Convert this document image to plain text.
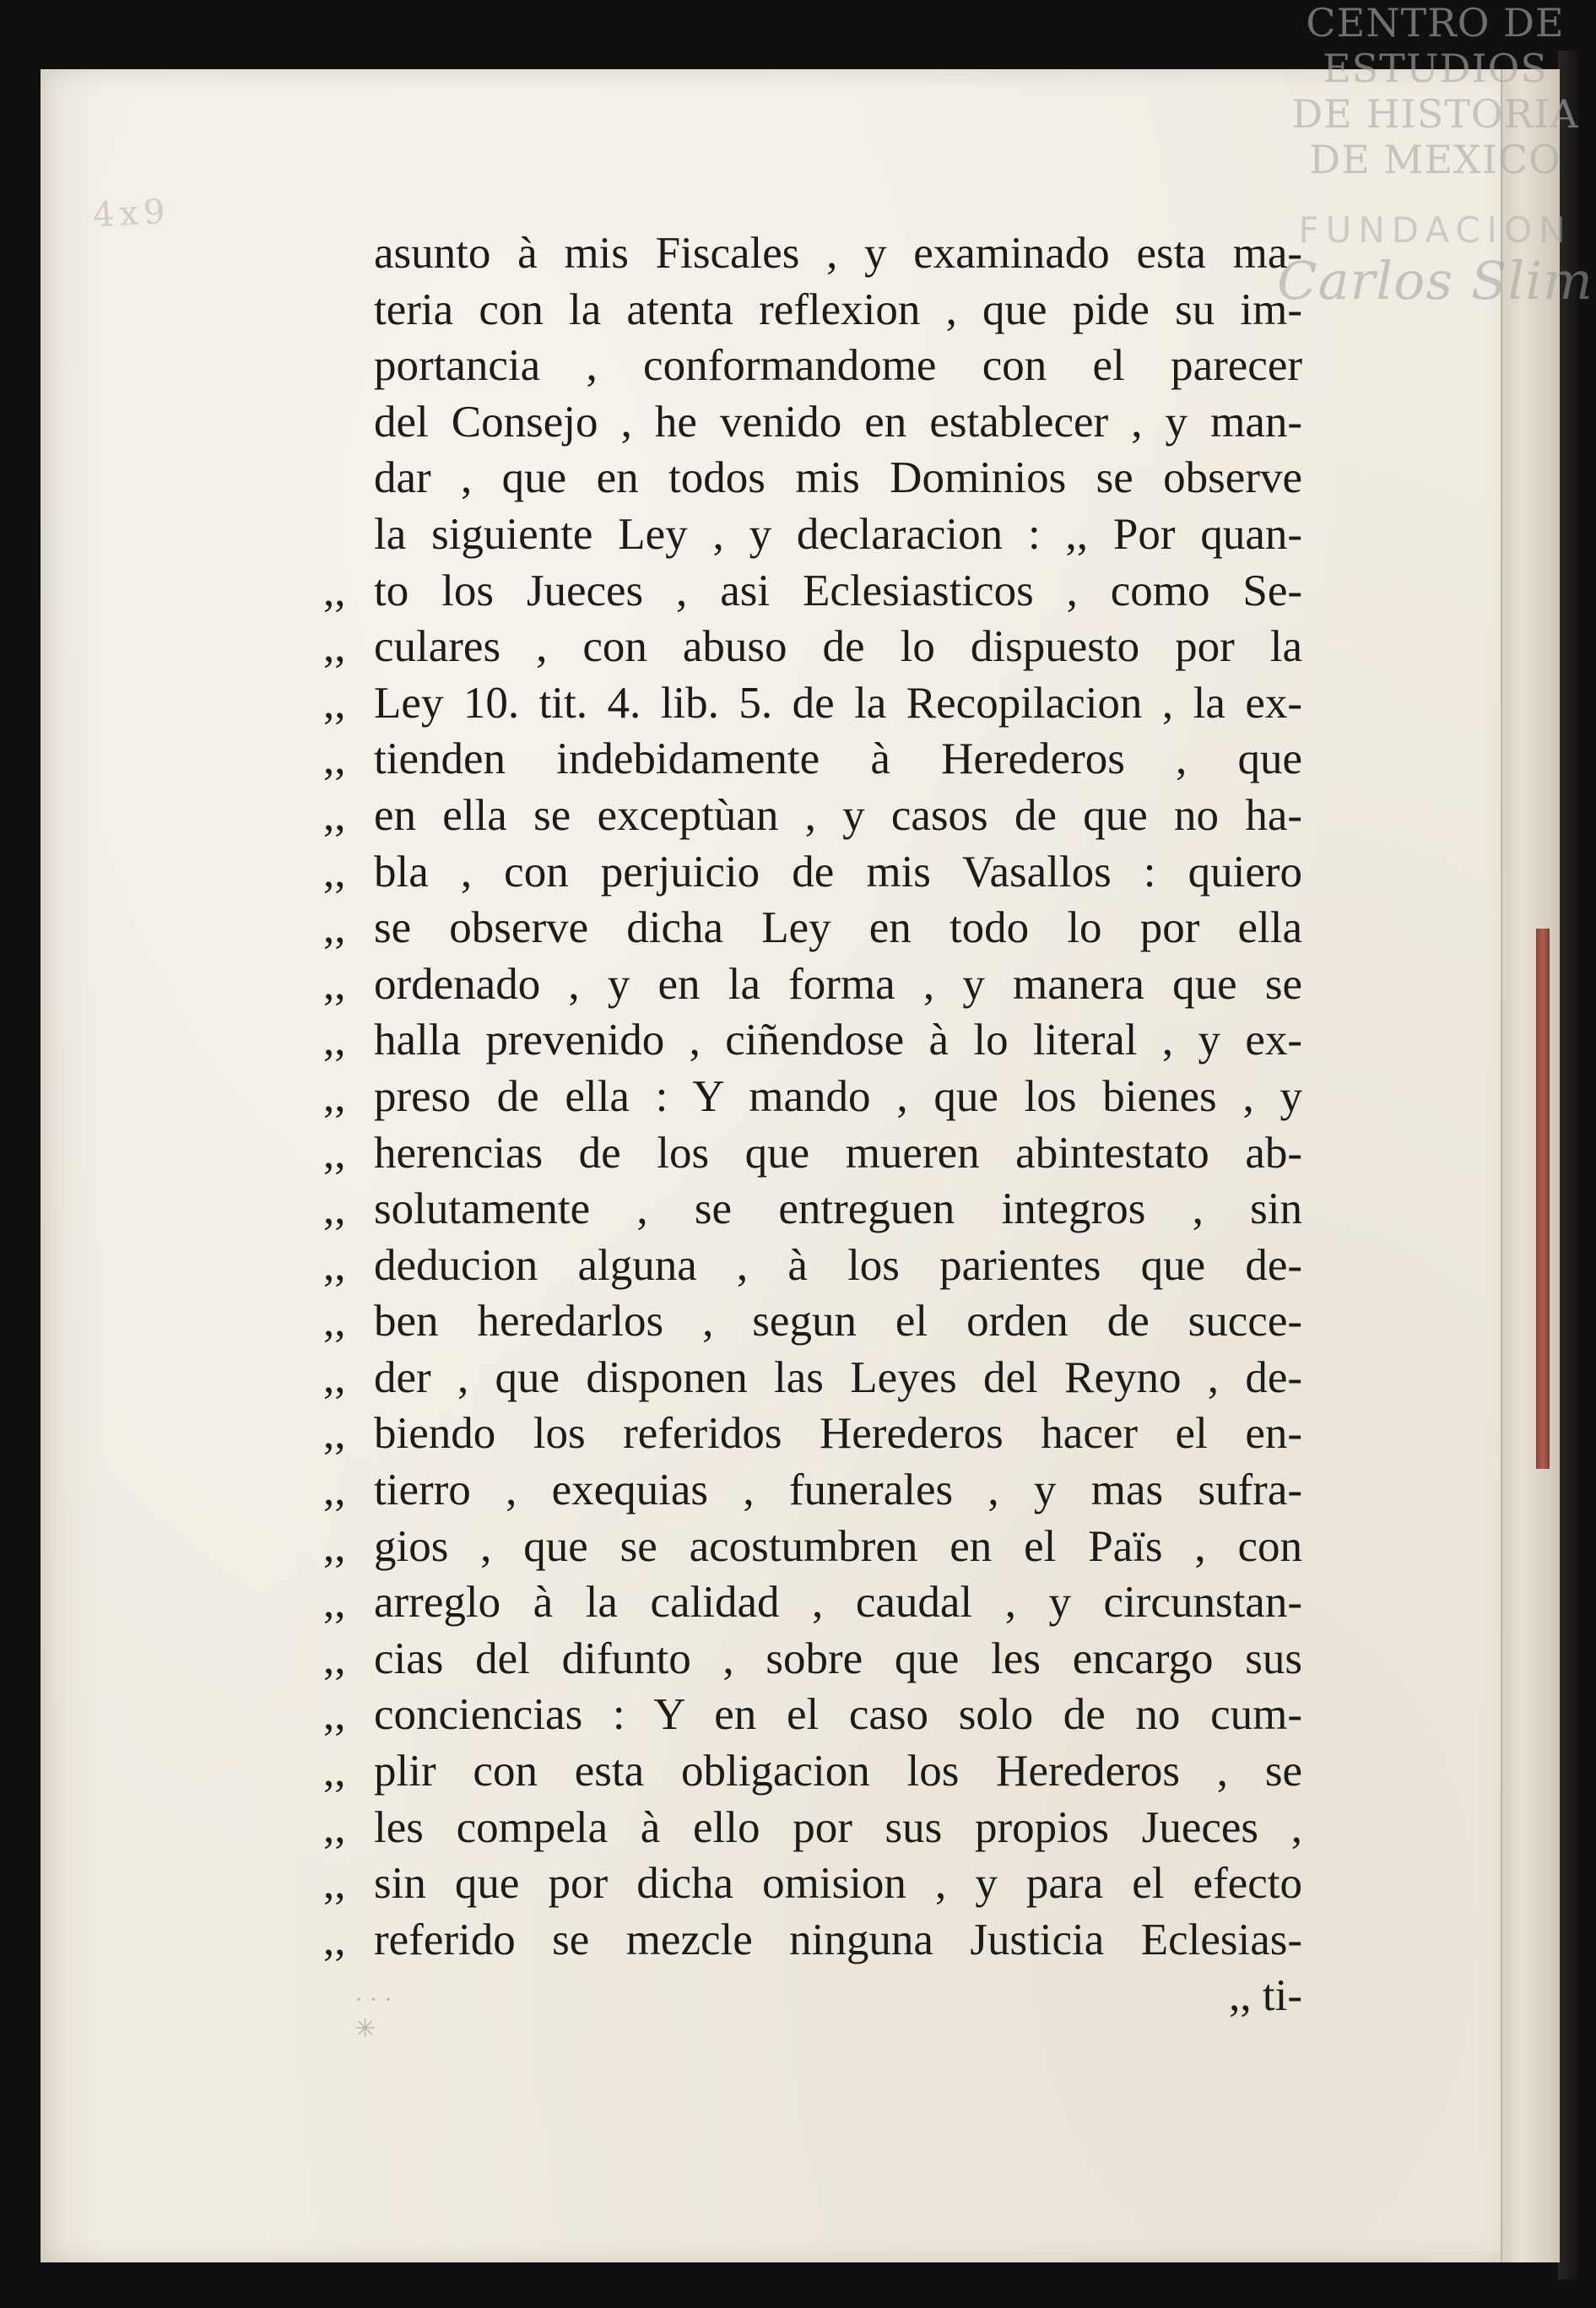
4x9
CENTRO DE
ESTUDIOS
DE HISTORIA
DE MEXICO
FUNDACION
Carlos Slim
asunto à mis Fiscales , y examinado esta ma-
teria con la atenta reflexion , que pide su im-
portancia , conformandome con el parecer
del Consejo , he venido en establecer , y man-
dar , que en todos mis Dominios se observe
la siguiente Ley , y declaracion : ,, Por quan-
,, to los Jueces , asi Eclesiasticos , como Se-
,, culares , con abuso de lo dispuesto por la
,, Ley 10. tit. 4. lib. 5. de la Recopilacion , la ex-
,, tienden indebidamente à Herederos , que
,, en ella se exceptùan , y casos de que no ha-
,, bla , con perjuicio de mis Vasallos : quiero
,, se observe dicha Ley en todo lo por ella
,, ordenado , y en la forma , y manera que se
,, halla prevenido , ciñendose à lo literal , y ex-
,, preso de ella : Y mando , que los bienes , y
,, herencias de los que mueren abintestato ab-
,, solutamente , se entreguen integros , sin
,, deducion alguna , à los parientes que de-
,, ben heredarlos , segun el orden de succe-
,, der , que disponen las Leyes del Reyno , de-
,, biendo los referidos Herederos hacer el en-
,, tierro , exequias , funerales , y mas sufra-
,, gios , que se acostumbren en el Païs , con
,, arreglo à la calidad , caudal , y circunstan-
,, cias del difunto , sobre que les encargo sus
,, conciencias : Y en el caso solo de no cum-
,, plir con esta obligacion los Herederos , se
,, les compela à ello por sus propios Jueces ,
,, sin que por dicha omision , y para el efecto
,, referido se mezcle ninguna Justicia Eclesias-
,, ti-
· · · ✳
